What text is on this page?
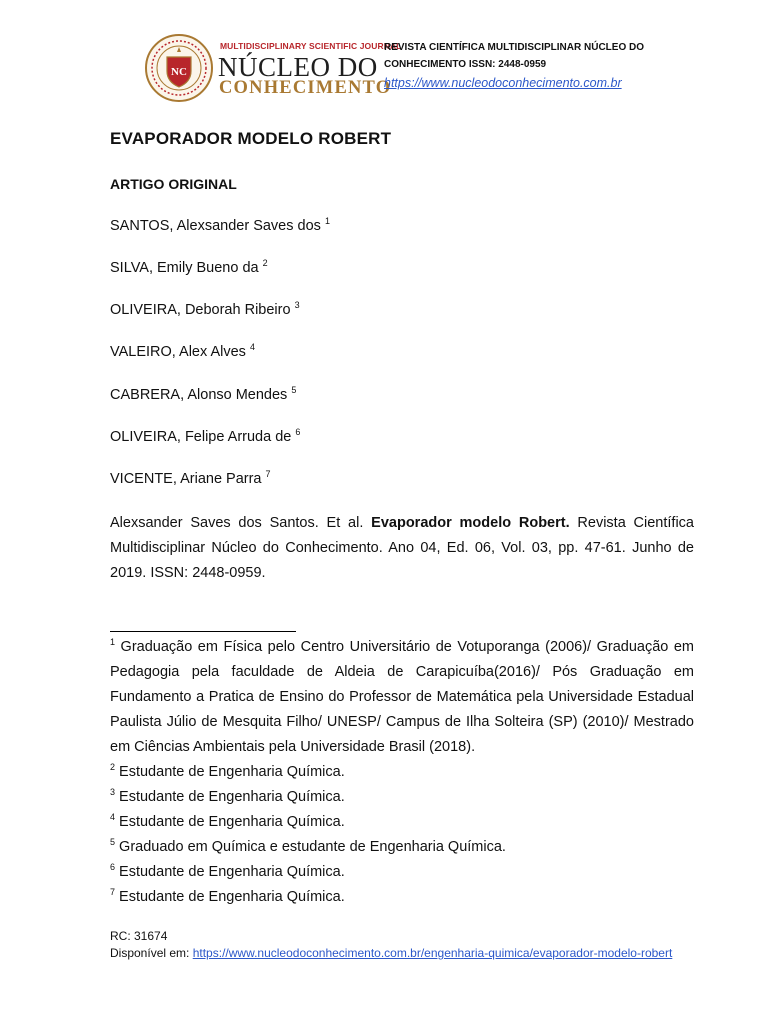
NC
MULTIDISCIPLINARY SCIENTIFIC JOURNAL
NÚCLEO DO
CONHECIMENTO
REVISTA CIENTÍFICA MULTIDISCIPLINAR NÚCLEO DO
CONHECIMENTO ISSN: 2448-0959
https://www.nucleodoconhecimento.com.br
EVAPORADOR MODELO ROBERT
ARTIGO ORIGINAL
SANTOS, Alexsander Saves dos $^1$
SILVA, Emily Bueno da $^2$
OLIVEIRA, Deborah Ribeiro $^3$
VALEIRO, Alex Alves $^4$
CABRERA, Alonso Mendes $^5$
OLIVEIRA, Felipe Arruda de $^6$
VICENTE, Ariane Parra $^7$
Alexsander Saves dos Santos. Et al. Evaporador modelo Robert. Revista Científica Multidisciplinar Núcleo do Conhecimento. Ano 04, Ed. 06, Vol. 03, pp. 47-61. Junho de 2019. ISSN: 2448-0959.
$^1$ Graduação em Física pelo Centro Universitário de Votuporanga (2006)/ Graduação em Pedagogia pela faculdade de Aldeia de Carapicuíba(2016)/ Pós Graduação em Fundamento a Pratica de Ensino do Professor de Matemática pela Universidade Estadual Paulista Júlio de Mesquita Filho/ UNESP/ Campus de Ilha Solteira (SP) (2010)/ Mestrado em Ciências Ambientais pela Universidade Brasil (2018).
$^2$ Estudante de Engenharia Química.
$^3$ Estudante de Engenharia Química.
$^4$ Estudante de Engenharia Química.
$^5$ Graduado em Química e estudante de Engenharia Química.
$^6$ Estudante de Engenharia Química.
$^7$ Estudante de Engenharia Química.
RC: 31674
Disponível em: https://www.nucleodoconhecimento.com.br/engenharia-quimica/evaporador-modelo-robert
